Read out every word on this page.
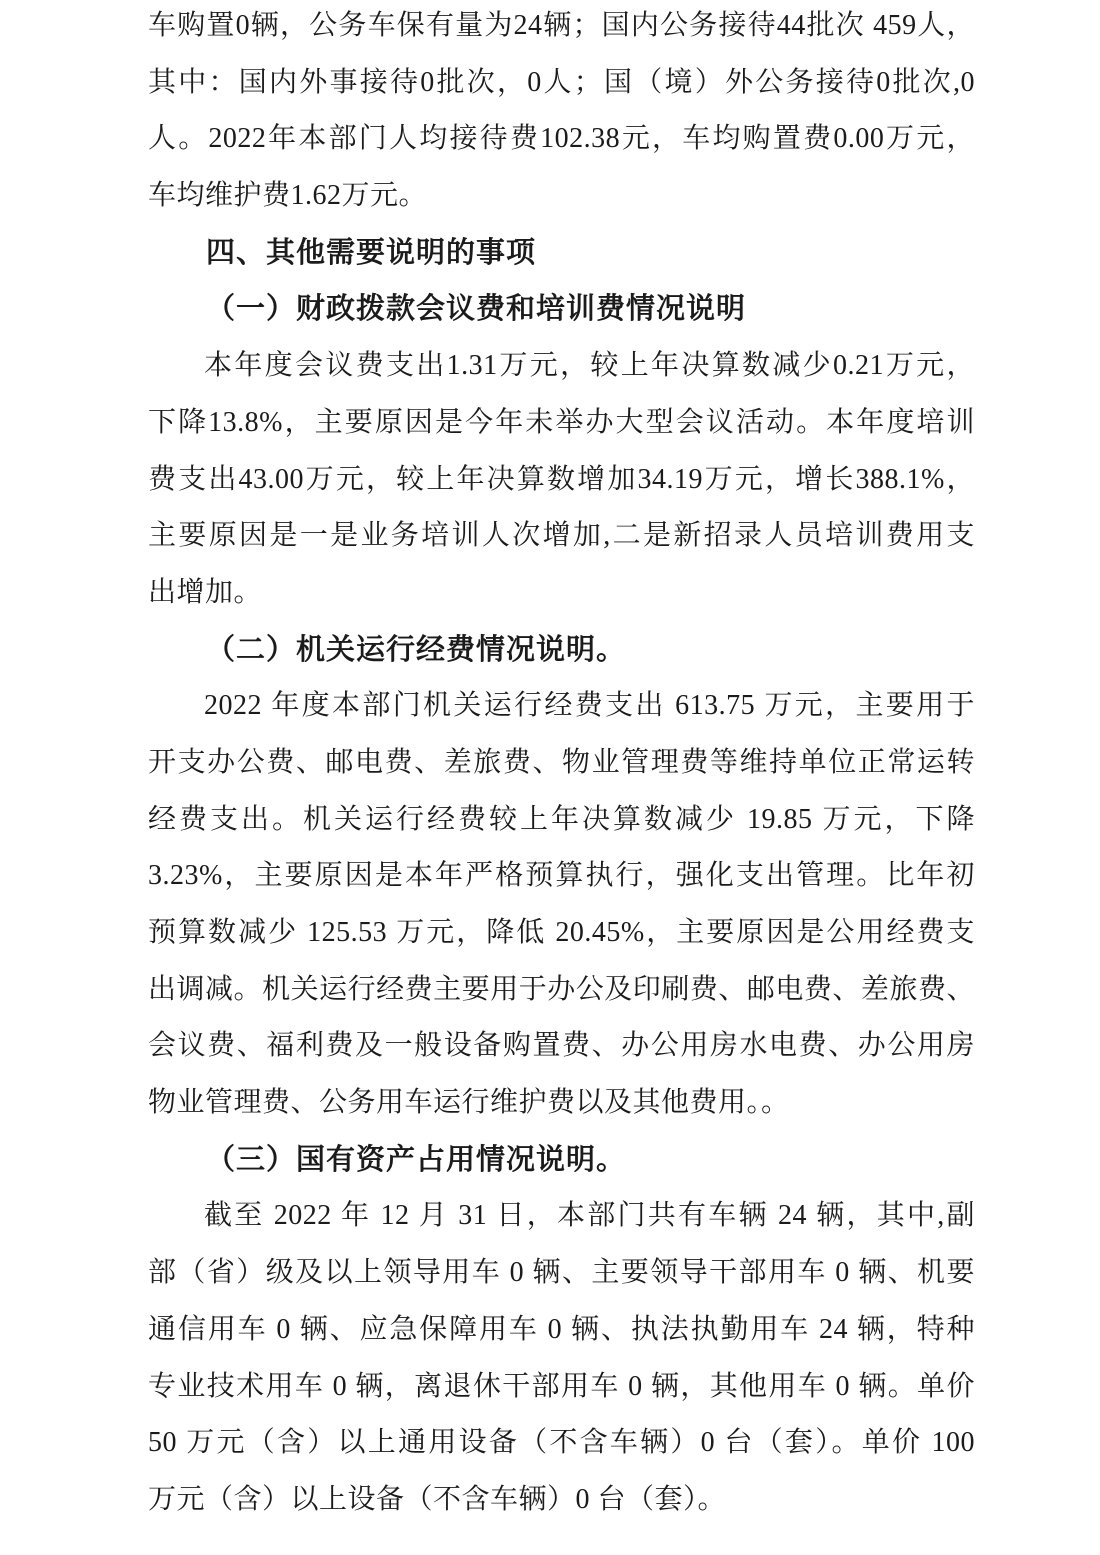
车购置0辆，公务车保有量为24辆；国内公务接待44批次 459人，
其中：国内外事接待0批次，0人；国（境）外公务接待0批次,0
人。2022年本部门人均接待费102.38元，车均购置费0.00万元，
车均维护费1.62万元。
四、其他需要说明的事项
（一）财政拨款会议费和培训费情况说明
本年度会议费支出1.31万元，较上年决算数减少0.21万元，
下降13.8%，主要原因是今年未举办大型会议活动。本年度培训
费支出43.00万元，较上年决算数增加34.19万元，增长388.1%，
主要原因是一是业务培训人次增加,二是新招录人员培训费用支
出增加。
（二）机关运行经费情况说明。
2022 年度本部门机关运行经费支出 613.75 万元，主要用于
开支办公费、邮电费、差旅费、物业管理费等维持单位正常运转
经费支出。机关运行经费较上年决算数减少 19.85 万元，下降
3.23%，主要原因是本年严格预算执行，强化支出管理。比年初
预算数减少 125.53 万元，降低 20.45%，主要原因是公用经费支
出调减。机关运行经费主要用于办公及印刷费、邮电费、差旅费、
会议费、福利费及一般设备购置费、办公用房水电费、办公用房
物业管理费、公务用车运行维护费以及其他费用。。
（三）国有资产占用情况说明。
截至 2022 年 12 月 31 日，本部门共有车辆 24 辆，其中,副
部（省）级及以上领导用车 0 辆、主要领导干部用车 0 辆、机要
通信用车 0 辆、应急保障用车 0 辆、执法执勤用车 24 辆，特种
专业技术用车 0 辆，离退休干部用车 0 辆，其他用车 0 辆。单价
50 万元（含）以上通用设备（不含车辆）0 台（套）。单价 100
万元（含）以上设备（不含车辆）0 台（套）。
